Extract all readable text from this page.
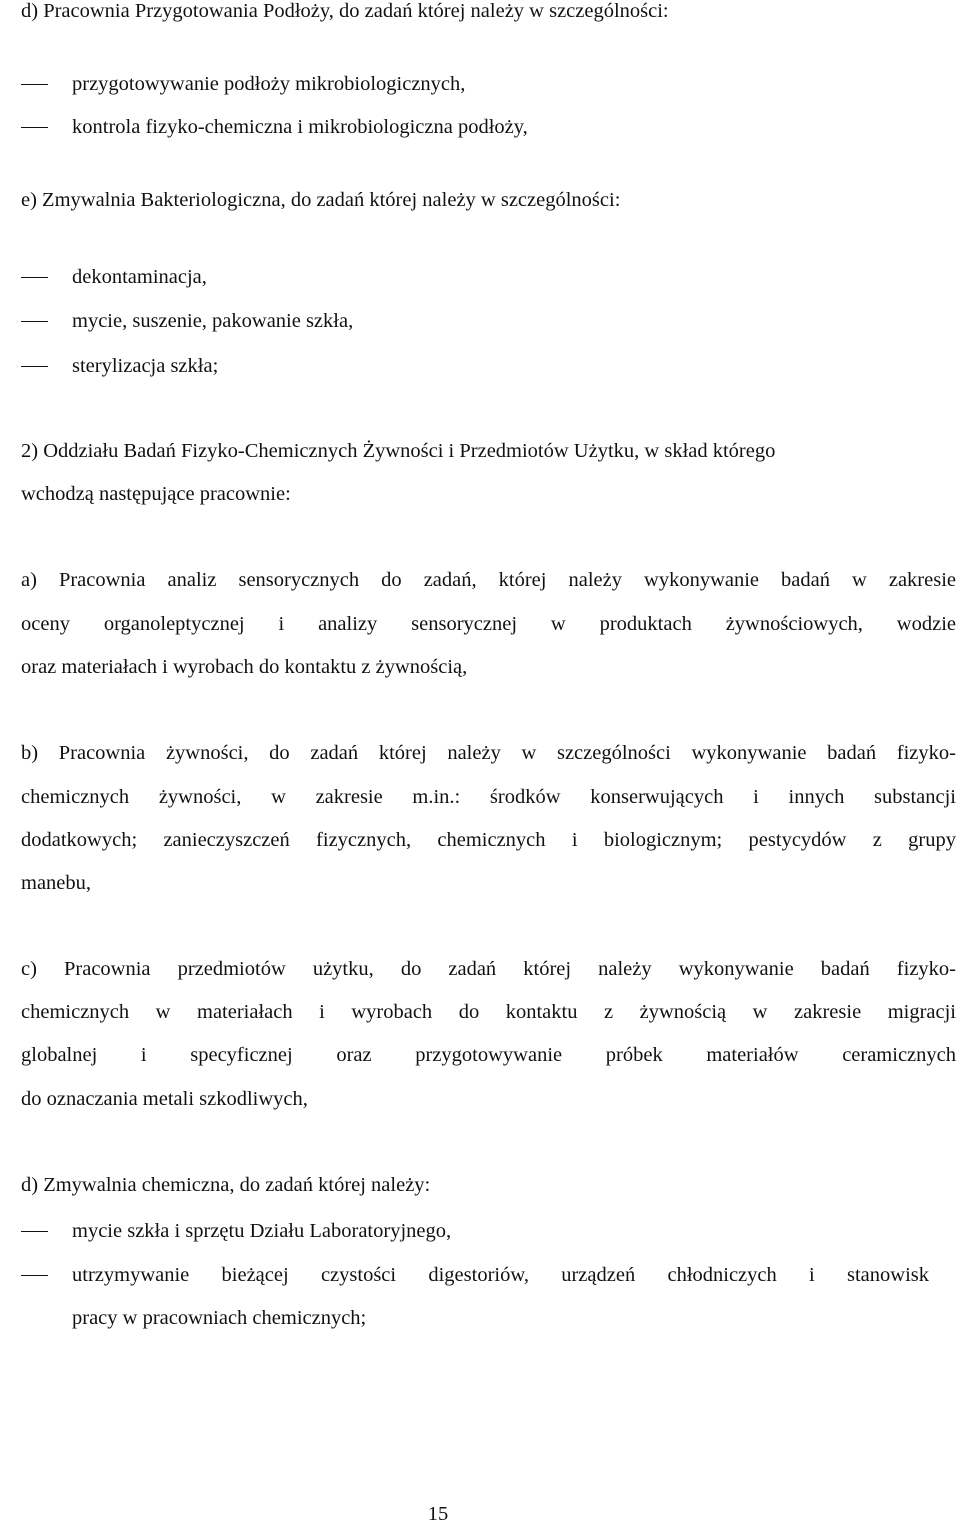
d) Pracownia Przygotowania Podłoży, do zadań której należy w szczególności:
przygotowywanie podłoży mikrobiologicznych,
kontrola fizyko-chemiczna i mikrobiologiczna podłoży,
e) Zmywalnia Bakteriologiczna, do zadań której należy w szczególności:
dekontaminacja,
mycie, suszenie, pakowanie szkła,
sterylizacja szkła;
2) Oddziału Badań Fizyko-Chemicznych Żywności i Przedmiotów Użytku, w skład którego
wchodzą następujące pracownie:
a) Pracownia analiz sensorycznych do zadań, której należy wykonywanie badań w zakresie
oceny organoleptycznej i analizy sensorycznej w produktach żywnościowych, wodzie
oraz materiałach i wyrobach do kontaktu z żywnością,
b) Pracownia żywności, do zadań której należy w szczególności wykonywanie badań fizyko-
chemicznych żywności, w zakresie m.in.: środków konserwujących i innych substancji
dodatkowych; zanieczyszczeń fizycznych, chemicznych i biologicznym; pestycydów z grupy
manebu,
c) Pracownia przedmiotów użytku, do zadań której należy wykonywanie badań fizyko-
chemicznych w materiałach i wyrobach do kontaktu z żywnością w zakresie migracji
globalnej i specyficznej oraz przygotowywanie próbek materiałów ceramicznych
do oznaczania metali szkodliwych,
d) Zmywalnia chemiczna, do zadań której należy:
mycie szkła i sprzętu Działu Laboratoryjnego,
utrzymywanie bieżącej czystości digestoriów, urządzeń chłodniczych i stanowisk
pracy w pracowniach chemicznych;
15
